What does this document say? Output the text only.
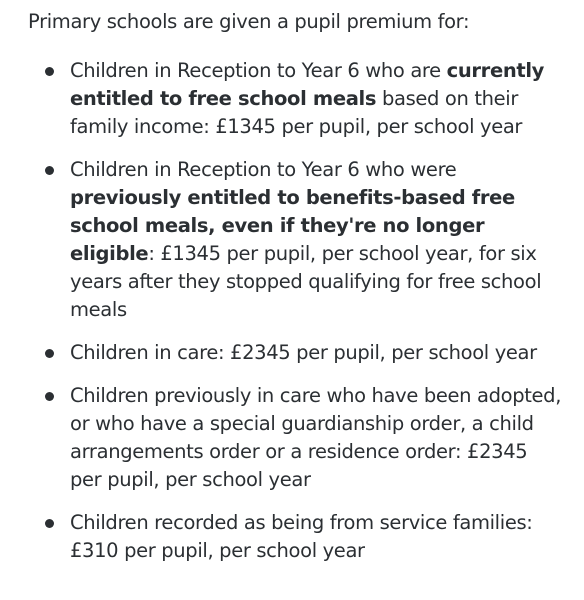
Primary schools are given a pupil premium for:

Children in Reception to Year 6 who are currently entitled to free school meals based on their family income: £1345 per pupil, per school year
Children in Reception to Year 6 who were previously entitled to benefits-based free school meals, even if they're no longer eligible: £1345 per pupil, per school year, for six years after they stopped qualifying for free school meals
Children in care: £2345 per pupil, per school year
Children previously in care who have been adopted, or who have a special guardianship order, a child arrangements order or a residence order: £2345 per pupil, per school year
Children recorded as being from service families: £310 per pupil, per school year
